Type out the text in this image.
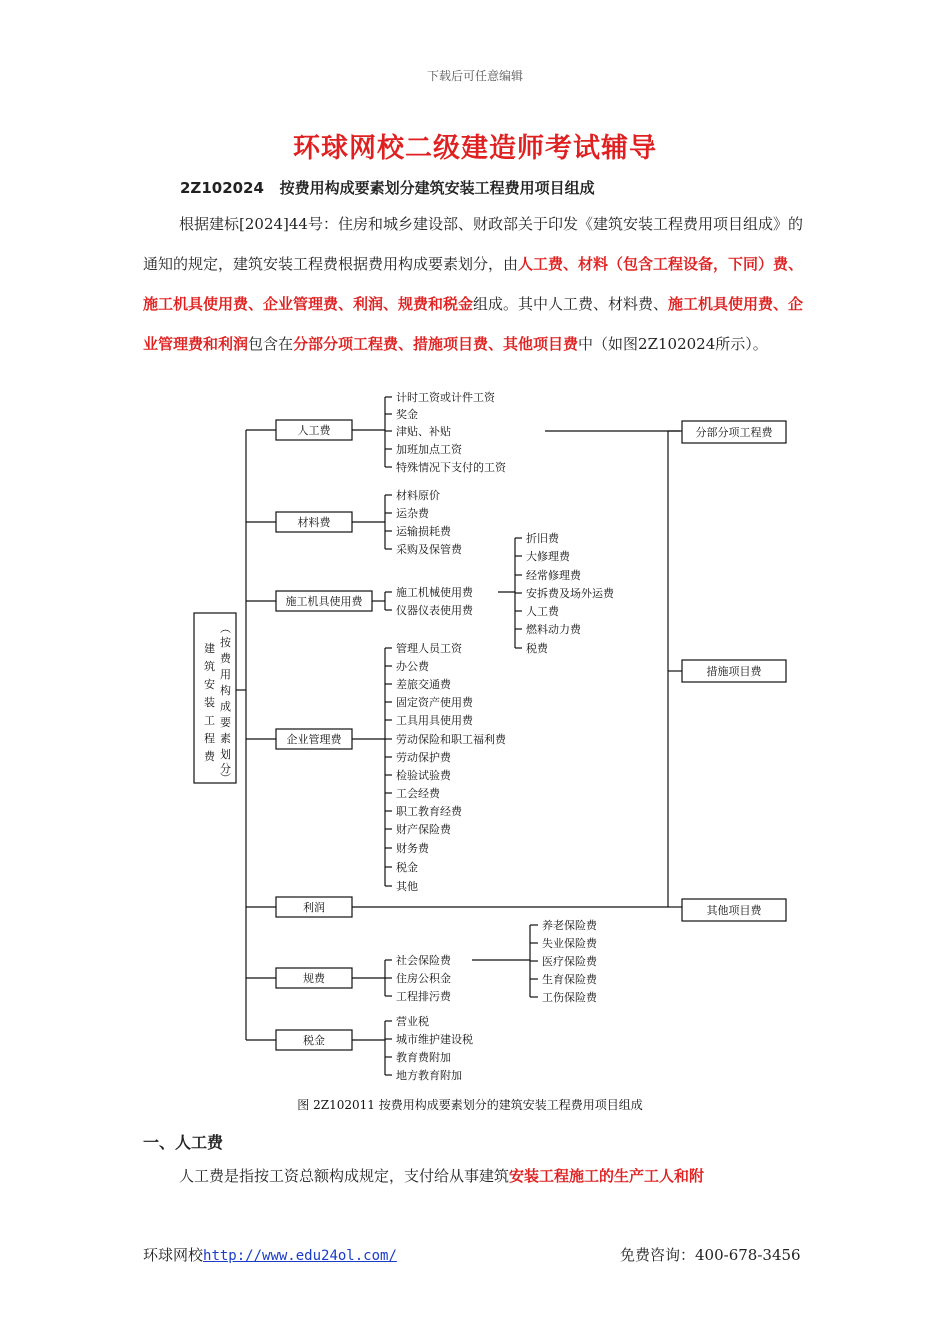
下载后可任意编辑
环球网校二级建造师考试辅导
2Z102024 按费用构成要素划分建筑安装工程费用项目组成
根据建标[2024]44号：住房和城乡建设部、财政部关于印发《建筑安装工程费用项目组成》的通知的规定，建筑安装工程费根据费用构成要素划分，由人工费、材料（包含工程设备，下同）费、施工机具使用费、企业管理费、利润、规费和税金组成。其中人工费、材料费、施工机具使用费、企业管理费和利润包含在分部分项工程费、措施项目费、其他项目费中（如图2Z102024所示）。
建
筑
安
装
工
程
费
︵
按
费
用
构
成
要
素
划
分
︶
人工费
材料费
施工机具使用费
企业管理费
利润
规费
税金
计时工资或计件工资
奖金
津贴、补贴
加班加点工资
特殊情况下支付的工资
材料原价
运杂费
运输损耗费
采购及保管费
施工机械使用费
仪器仪表使用费
折旧费
大修理费
经常修理费
安拆费及场外运费
人工费
燃料动力费
税费
管理人员工资
办公费
差旅交通费
固定资产使用费
工具用具使用费
劳动保险和职工福利费
劳动保护费
检验试验费
工会经费
职工教育经费
财产保险费
财务费
税金
其他
社会保险费
住房公积金
工程排污费
养老保险费
失业保险费
医疗保险费
生育保险费
工伤保险费
营业税
城市维护建设税
教育费附加
地方教育附加
分部分项工程费
措施项目费
其他项目费
图 2Z102011 按费用构成要素划分的建筑安装工程费用项目组成
一、人工费
人工费是指按工资总额构成规定，支付给从事建筑安装工程施工的生产工人和附
环球网校http://www.edu24ol.com/	免费咨询：400-678-3456
